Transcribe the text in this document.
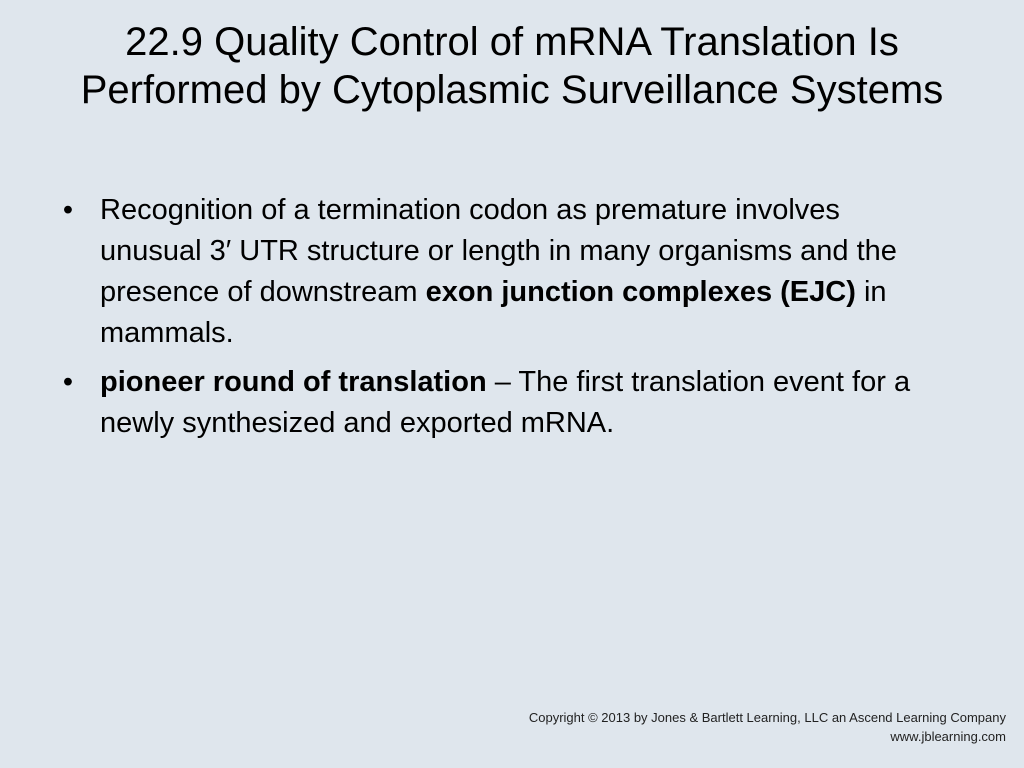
22.9 Quality Control of mRNA Translation Is Performed by Cytoplasmic Surveillance Systems
• Recognition of a termination codon as premature involves unusual 3′ UTR structure or length in many organisms and the presence of downstream exon junction complexes (EJC) in mammals.
• pioneer round of translation – The first translation event for a newly synthesized and exported mRNA.
Copyright © 2013 by Jones & Bartlett Learning, LLC an Ascend Learning Company
www.jblearning.com
